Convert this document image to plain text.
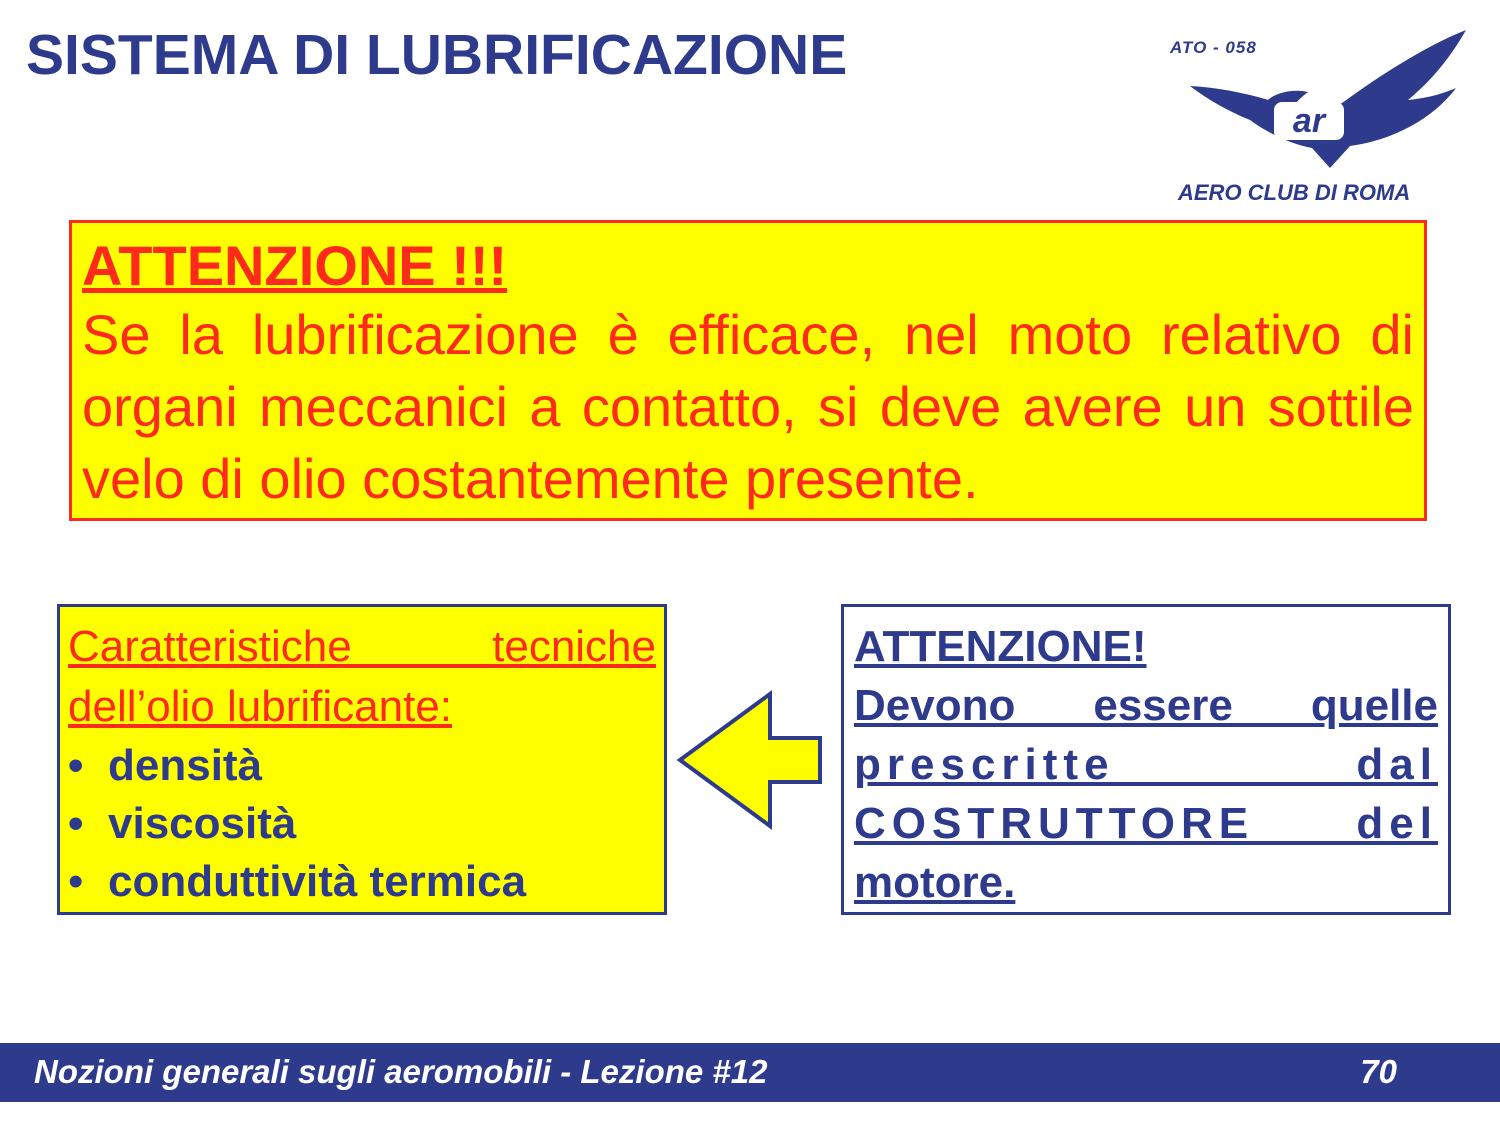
SISTEMA DI LUBRIFICAZIONE
ar
ATO - 058
AERO CLUB DI ROMA
ATTENZIONE !!!
Se la lubrificazione è efficace, nel moto relativo di organi meccanici a contatto, si deve avere un sottile velo di olio costantemente presente.
Caratteristiche tecniche
dell’olio lubrificante:
• densità
• viscosità
• conduttività termica
ATTENZIONE!
Devono essere quelle
prescritte dal
COSTRUTTORE del
motore.
Nozioni generali sugli aeromobili - Lezione #12	70
